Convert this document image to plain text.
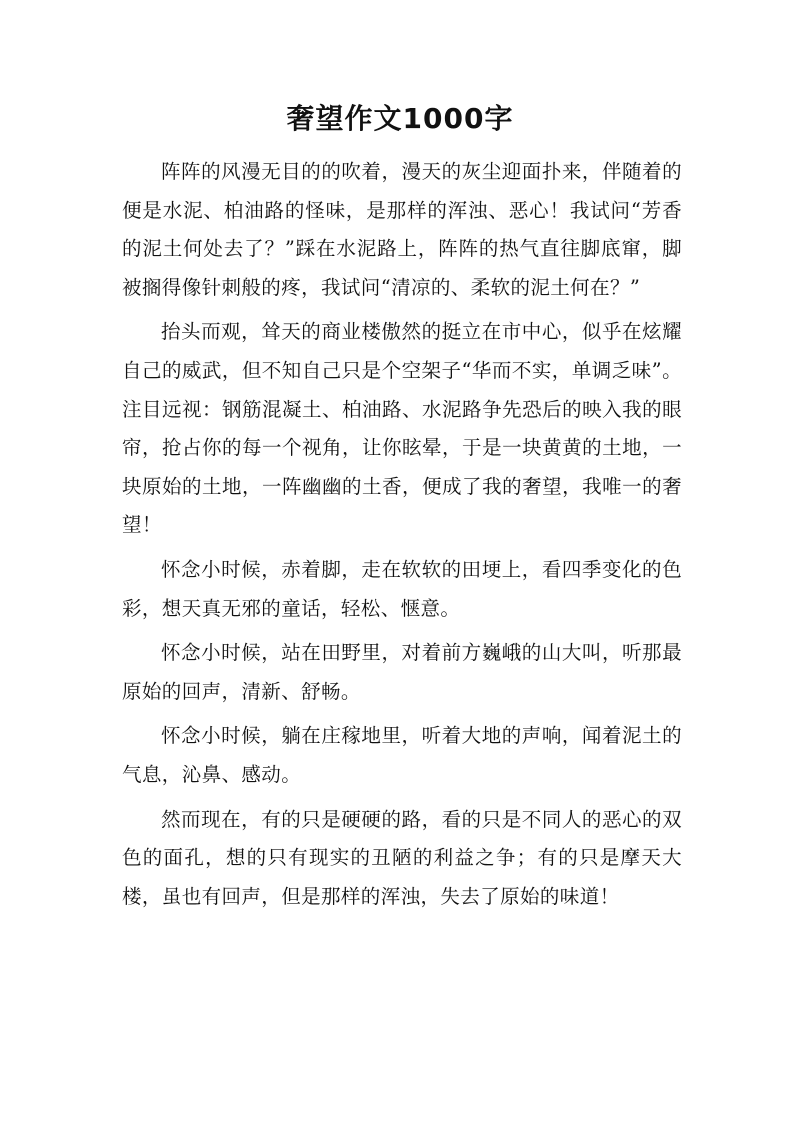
奢望作文1000字

阵阵的风漫无目的的吹着，漫天的灰尘迎面扑来，伴随着的便是水泥、柏油路的怪味，是那样的浑浊、恶心！我试问“芳香的泥土何处去了？”踩在水泥路上，阵阵的热气直往脚底窜，脚被搁得像针刺般的疼，我试问“清凉的、柔软的泥土何在？”

抬头而观，耸天的商业楼傲然的挺立在市中心，似乎在炫耀自己的威武，但不知自己只是个空架子“华而不实，单调乏味”。注目远视：钢筋混凝土、柏油路、水泥路争先恐后的映入我的眼帘，抢占你的每一个视角，让你眩晕，于是一块黄黄的土地，一块原始的土地，一阵幽幽的土香，便成了我的奢望，我唯一的奢望！

怀念小时候，赤着脚，走在软软的田埂上，看四季变化的色彩，想天真无邪的童话，轻松、惬意。

怀念小时候，站在田野里，对着前方巍峨的山大叫，听那最原始的回声，清新、舒畅。

怀念小时候，躺在庄稼地里，听着大地的声响，闻着泥土的气息，沁鼻、感动。

然而现在，有的只是硬硬的路，看的只是不同人的恶心的双色的面孔，想的只有现实的丑陋的利益之争；有的只是摩天大楼，虽也有回声，但是那样的浑浊，失去了原始的味道！
